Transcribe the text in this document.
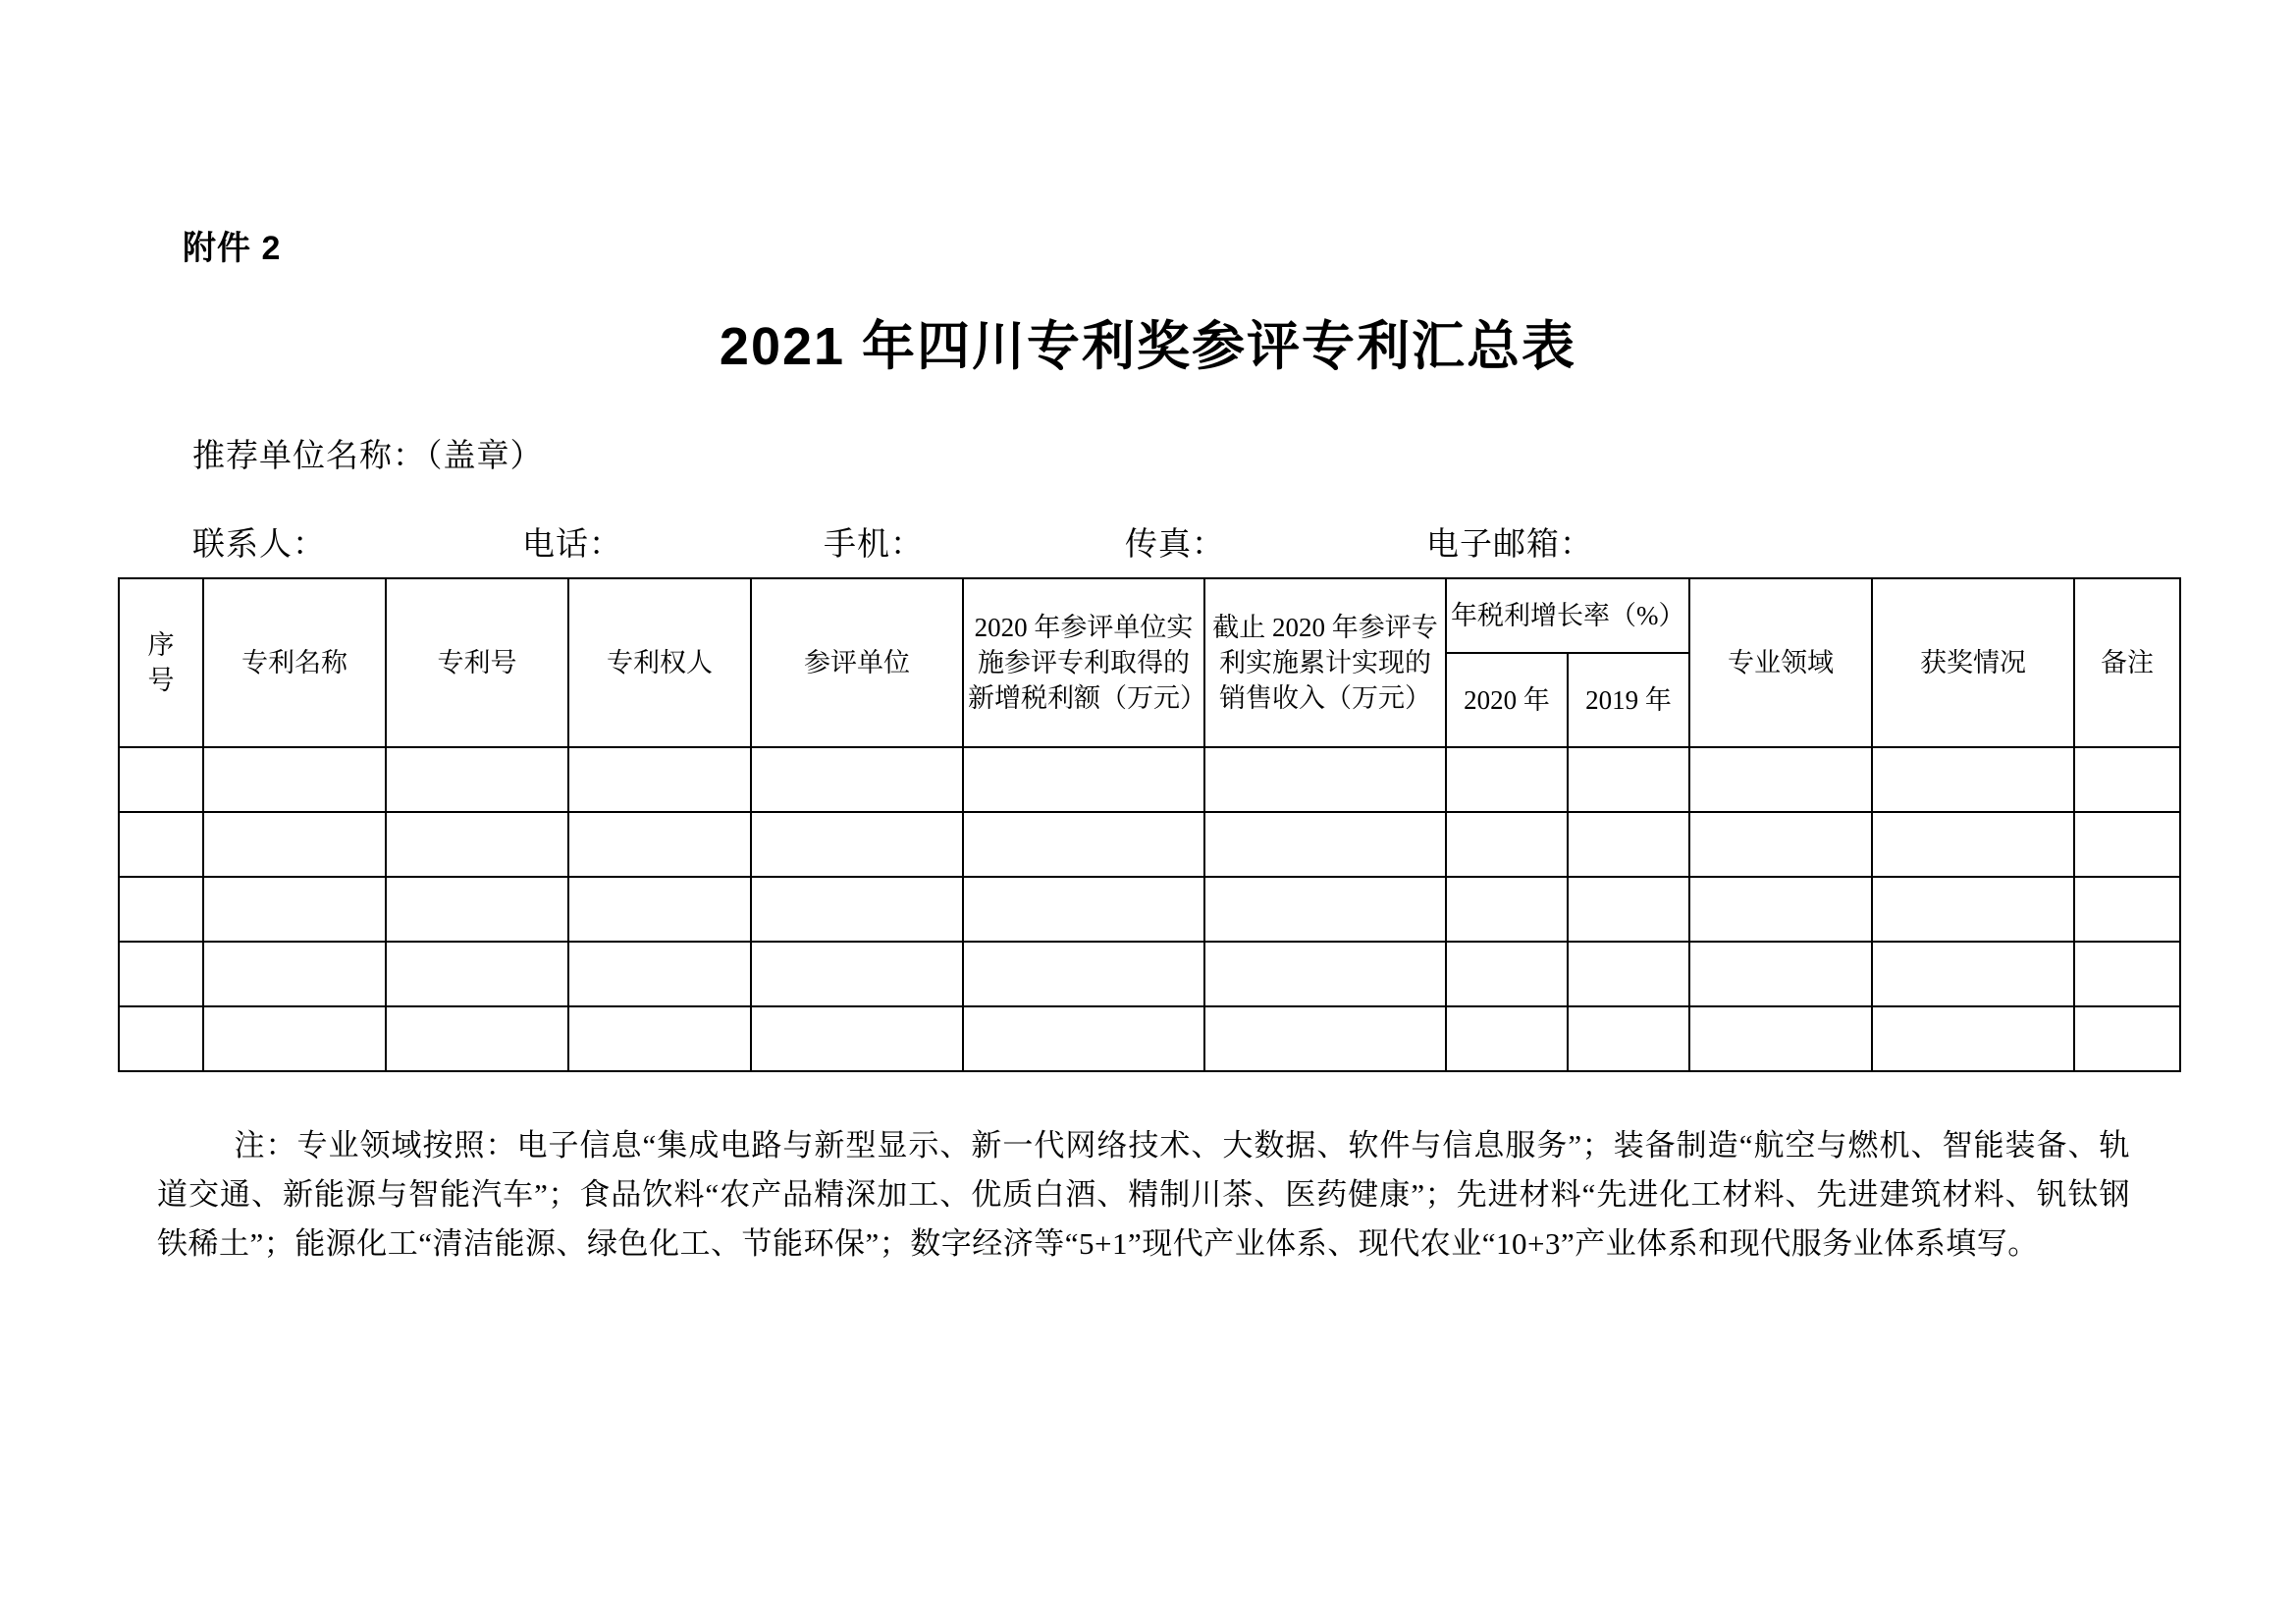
附件 2
2021 年四川专利奖参评专利汇总表
推荐单位名称：（盖章）
联系人：	电话：	手机：	传真：	电子邮箱：
序
号	专利名称	专利号	专利权人	参评单位	2020 年参评单位实施参评专利取得的新增税利额（万元）	截止 2020 年参评专利实施累计实现的销售收入（万元）	年税利增长率（%）		专业领域	获奖情况	备注
							2020 年	2019 年			

注：专业领域按照：电子信息“集成电路与新型显示、新一代网络技术、大数据、软件与信息服务”；装备制造“航空与燃机、智能装备、轨道交通、新能源与智能汽车”；食品饮料“农产品精深加工、优质白酒、精制川茶、医药健康”；先进材料“先进化工材料、先进建筑材料、钒钛钢铁稀土”；能源化工“清洁能源、绿色化工、节能环保”；数字经济等“5+1”现代产业体系、现代农业“10+3”产业体系和现代服务业体系填写。
